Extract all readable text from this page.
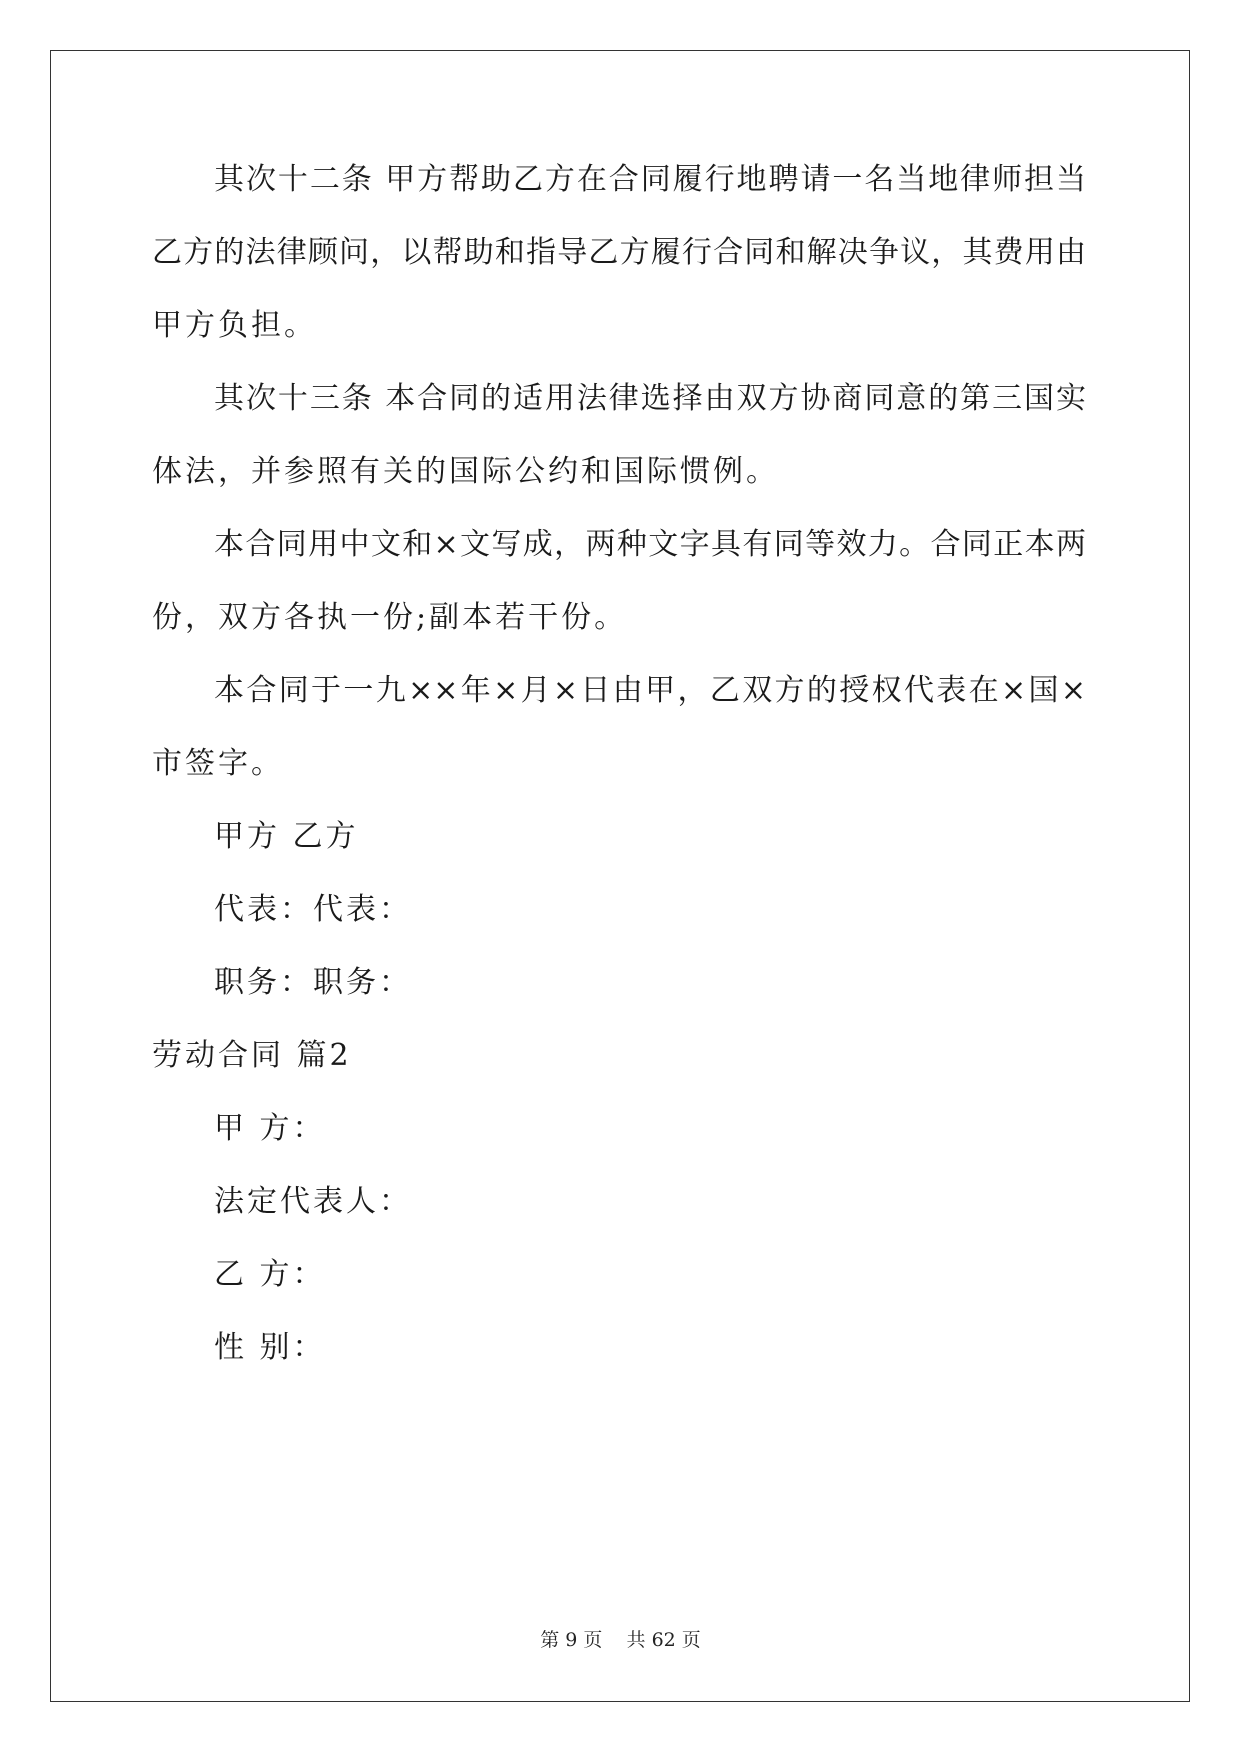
其次十二条 甲方帮助乙方在合同履行地聘请一名当地律师担当
乙方的法律顾问，以帮助和指导乙方履行合同和解决争议，其费用由
甲方负担。
其次十三条 本合同的适用法律选择由双方协商同意的第三国实
体法，并参照有关的国际公约和国际惯例。
本合同用中文和×文写成，两种文字具有同等效力。合同正本两
份，双方各执一份;副本若干份。
本合同于一九××年×月×日由甲，乙双方的授权代表在×国×
市签字。
甲方 乙方
代表：代表：
职务：职务：
劳动合同 篇2
甲 方：
法定代表人：
乙 方：
性 别：
第 9 页    共 62 页
